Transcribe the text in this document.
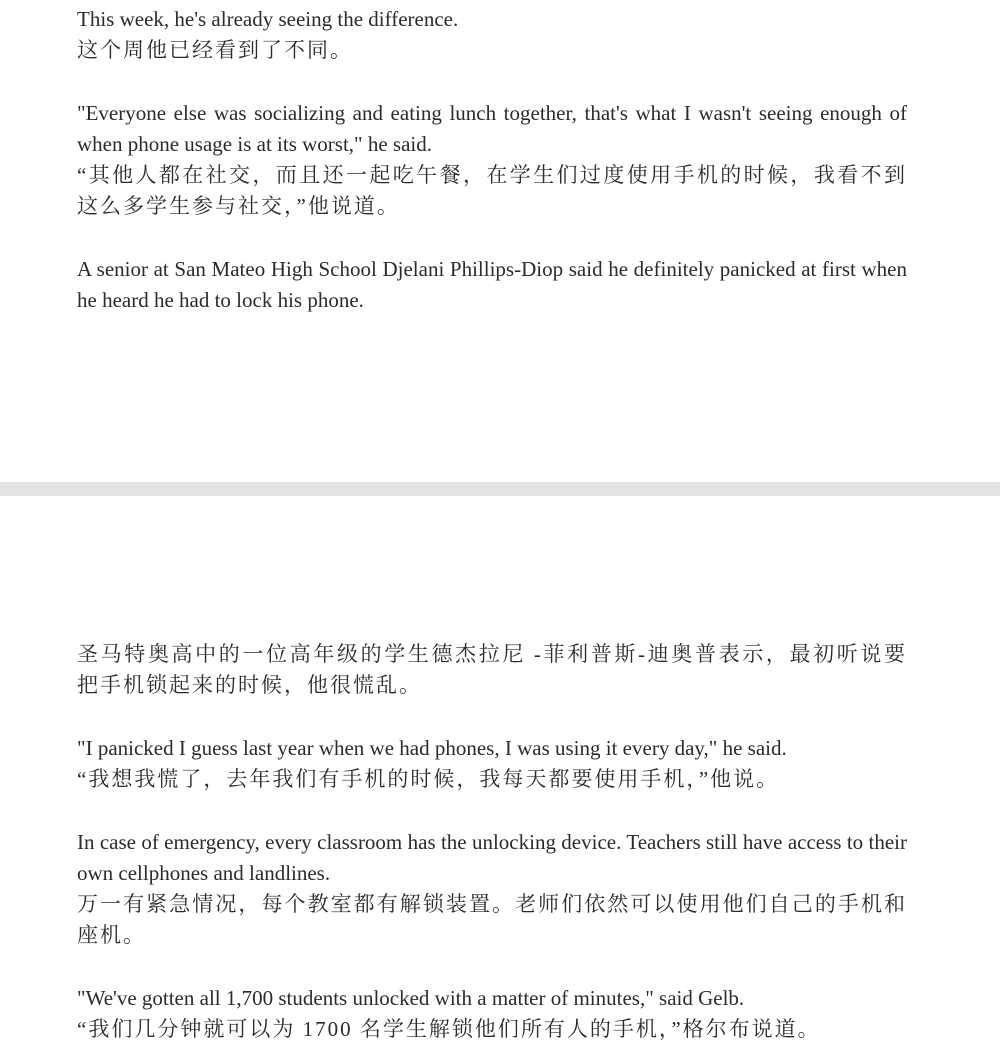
This week, he's already seeing the difference.

这个周他已经看到了不同。

"Everyone else was socializing and eating lunch together, that's what I wasn't seeing enough of when phone usage is at its worst," he said.

“其他人都在社交，而且还一起吃午餐，在学生们过度使用手机的时候，我看不到这么多学生参与社交，”他说道。

A senior at San Mateo High School Djelani Phillips-Diop said he definitely panicked at first when he heard he had to lock his phone.

圣马特奥高中的一位高年级的学生德杰拉尼 -菲利普斯-迪奥普表示，最初听说要把手机锁起来的时候，他很慌乱。

"I panicked I guess last year when we had phones, I was using it every day," he said.

“我想我慌了，去年我们有手机的时候，我每天都要使用手机，”他说。

In case of emergency, every classroom has the unlocking device. Teachers still have access to their own cellphones and landlines.

万一有紧急情况，每个教室都有解锁装置。老师们依然可以使用他们自己的手机和座机。

"We've gotten all 1,700 students unlocked with a matter of minutes," said Gelb.

“我们几分钟就可以为 1700 名学生解锁他们所有人的手机，”格尔布说道。
